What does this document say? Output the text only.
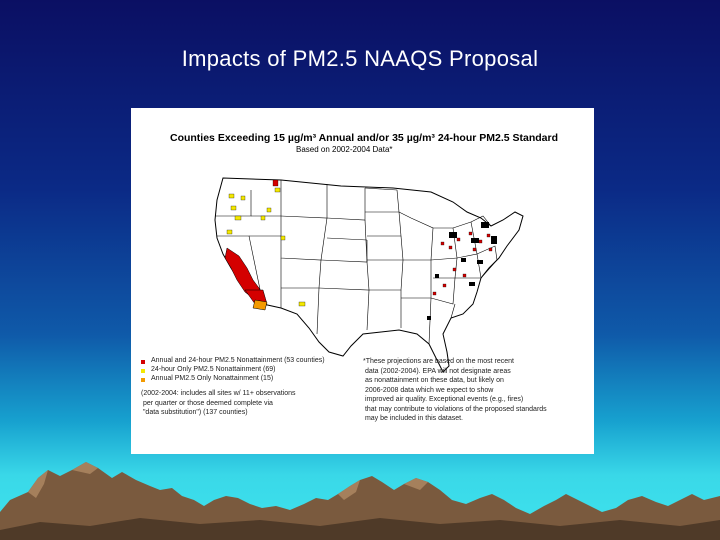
Impacts of PM2.5 NAAQS Proposal
Counties Exceeding 15 µg/m³ Annual and/or 35 µg/m³ 24-hour PM2.5 Standard
Based on 2002-2004 Data*
Annual and 24-hour PM2.5 Nonattainment (53 counties)
24-hour Only PM2.5 Nonattainment (69)
Annual PM2.5 Only Nonattainment (15)
(2002-2004: includes all sites w/ 11+ observations
per quarter or those deemed complete via
"data substitution") (137 counties)
*These projections are based on the most recent
data (2002-2004). EPA will not designate areas
as nonattainment on these data, but likely on
2006-2008 data which we expect to show
improved air quality. Exceptional events (e.g., fires)
that may contribute to violations of the proposed standards
may be included in this dataset.
